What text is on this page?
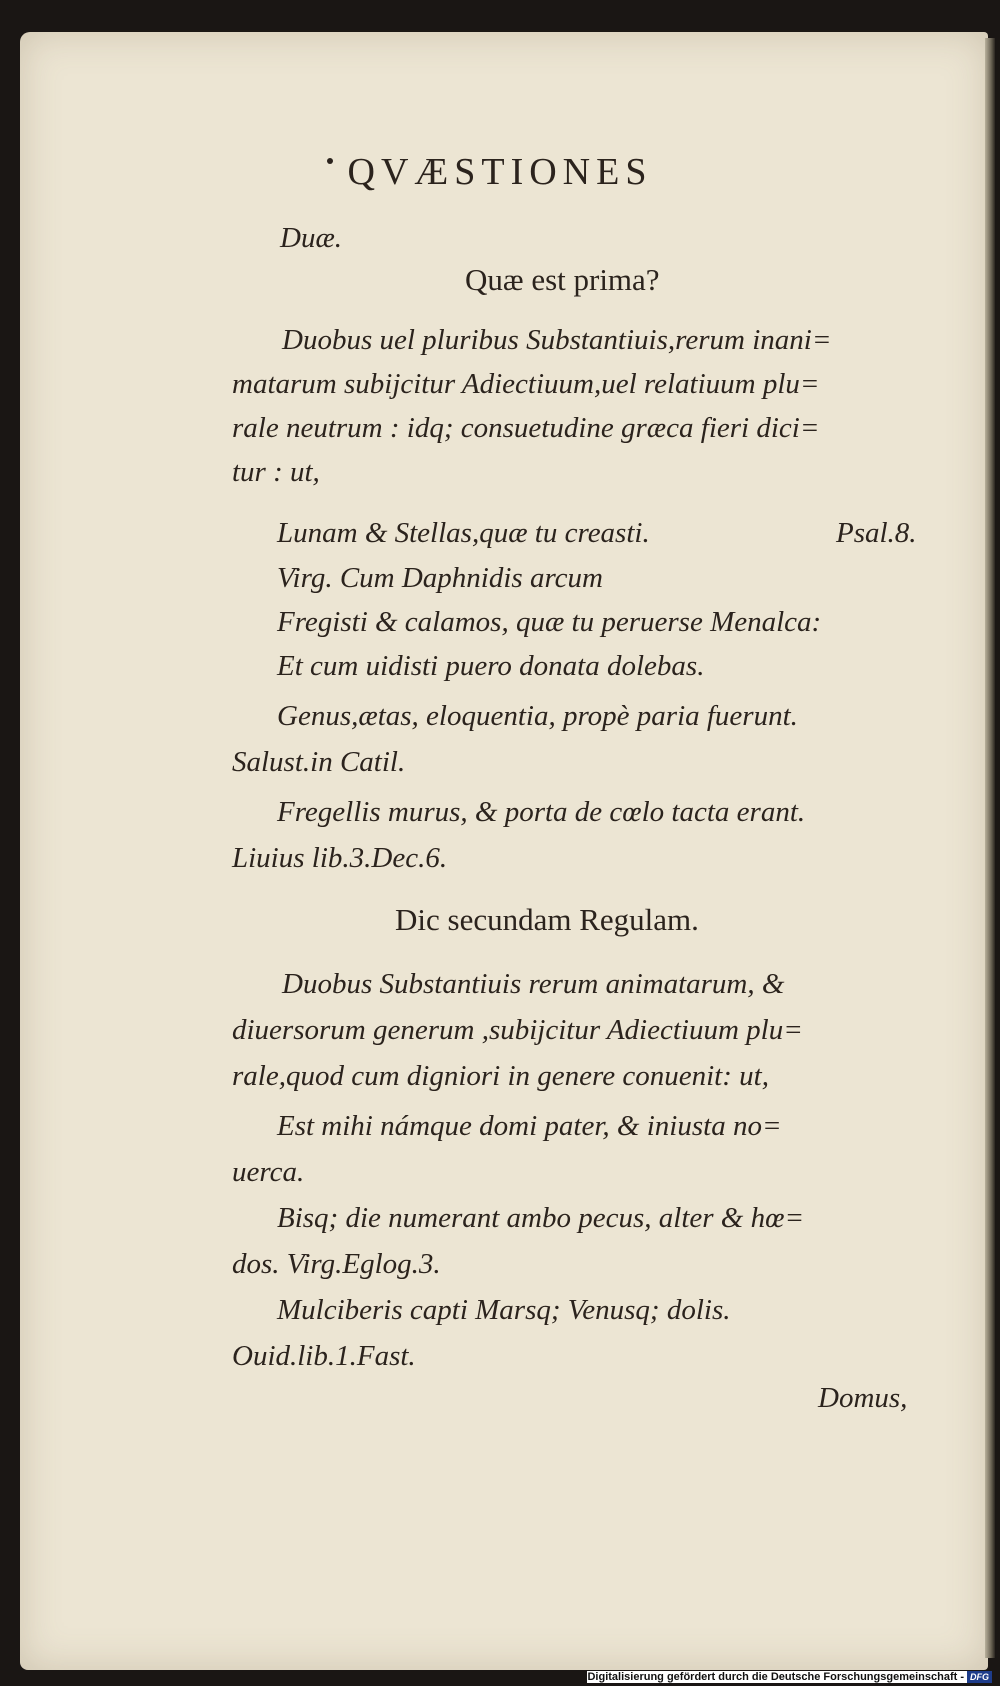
QVÆSTIONES
Duæ.
Quæ est prima?
Duobus uel pluribus Substantiuis,rerum inani=
matarum subijcitur Adiectiuum,uel relatiuum plu=
rale neutrum : idq; consuetudine græca fieri dici=
tur : ut,
Lunam & Stellas,quæ tu creasti.	Psal.8.
Virg. Cum Daphnidis arcum
Fregisti & calamos, quæ tu peruerse Menalca:
Et cum uidisti puero donata dolebas.
Genus,ætas, eloquentia, propè paria fuerunt.
Salust.in Catil.
Fregellis murus, & porta de cœlo tacta erant.
Liuius lib.3.Dec.6.
Dic secundam Regulam.
Duobus Substantiuis rerum animatarum, &
diuersorum generum ,subijcitur Adiectiuum plu=
rale,quod cum digniori in genere conuenit: ut,
Est mihi námque domi pater, & iniusta no=
uerca.
Bisq; die numerant ambo pecus, alter & hœ=
dos. Virg.Eglog.3.
Mulciberis capti Marsq; Venusq; dolis.
Ouid.lib.1.Fast.
Domus,
Digitalisierung gefördert durch die Deutsche Forschungsgemeinschaft - DFG
